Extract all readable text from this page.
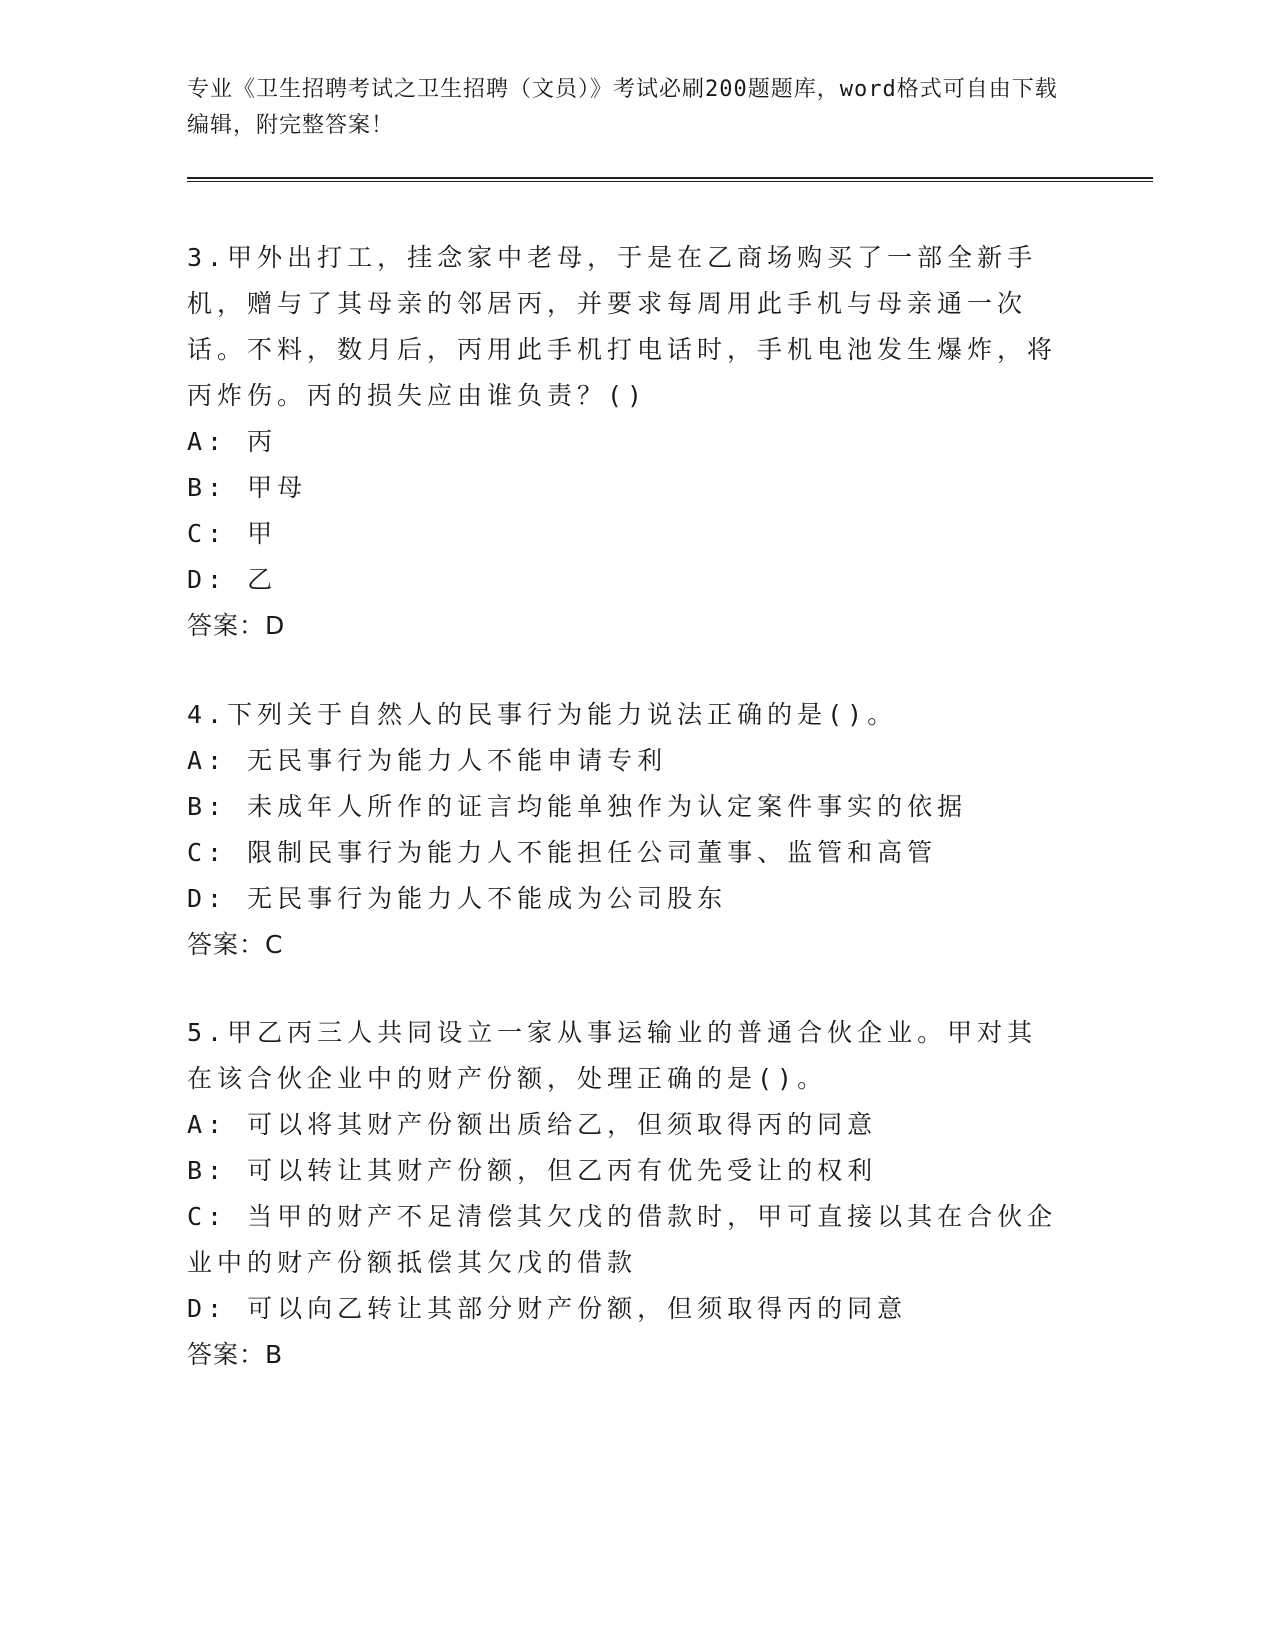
专业《卫生招聘考试之卫生招聘（文员）》考试必刷200题题库，word格式可自由下载编辑，附完整答案！
3.甲外出打工，挂念家中老母，于是在乙商场购买了一部全新手机，赠与了其母亲的邻居丙，并要求每周用此手机与母亲通一次话。不料，数月后，丙用此手机打电话时，手机电池发生爆炸，将丙炸伤。丙的损失应由谁负责？()
A: 丙
B: 甲母
C: 甲
D: 乙
答案：D
4.下列关于自然人的民事行为能力说法正确的是()。
A: 无民事行为能力人不能申请专利
B: 未成年人所作的证言均能单独作为认定案件事实的依据
C: 限制民事行为能力人不能担任公司董事、监管和高管
D: 无民事行为能力人不能成为公司股东
答案：C
5.甲乙丙三人共同设立一家从事运输业的普通合伙企业。甲对其在该合伙企业中的财产份额，处理正确的是()。
A: 可以将其财产份额出质给乙，但须取得丙的同意
B: 可以转让其财产份额，但乙丙有优先受让的权利
C: 当甲的财产不足清偿其欠戊的借款时，甲可直接以其在合伙企业中的财产份额抵偿其欠戊的借款
D: 可以向乙转让其部分财产份额，但须取得丙的同意
答案：B
